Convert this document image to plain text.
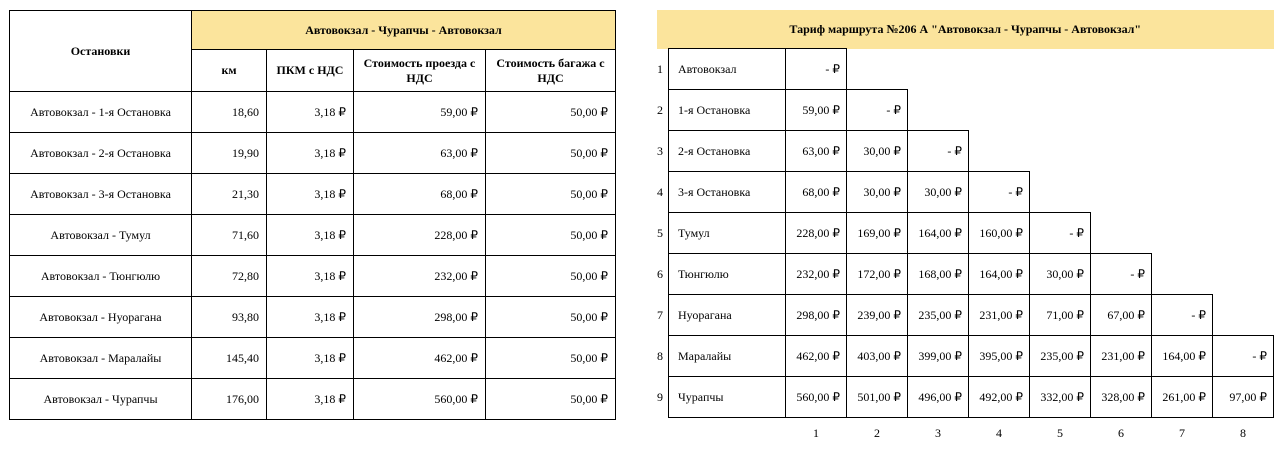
Остановки	Автовокзал - Чурапчы - Автовокзал			
	км	ПКМ с НДС	Стоимость проезда с НДС	Стоимость багажа с НДС
Автовокзал - 1-я Остановка	18,60	3,18 ₽	59,00 ₽	50,00 ₽
Автовокзал - 2-я Остановка	19,90	3,18 ₽	63,00 ₽	50,00 ₽
Автовокзал - 3-я Остановка	21,30	3,18 ₽	68,00 ₽	50,00 ₽
Автовокзал - Тумул	71,60	3,18 ₽	228,00 ₽	50,00 ₽
Автовокзал - Тюнгюлю	72,80	3,18 ₽	232,00 ₽	50,00 ₽
Автовокзал - Нуорагана	93,80	3,18 ₽	298,00 ₽	50,00 ₽
Автовокзал - Маралайы	145,40	3,18 ₽	462,00 ₽	50,00 ₽
Автовокзал - Чурапчы	176,00	3,18 ₽	560,00 ₽	50,00 ₽
Тариф маршрута №206 А "Автовокзал - Чурапчы - Автовокзал"									
1	Автовокзал	- ₽							
2	1-я Остановка	59,00 ₽	- ₽						
3	2-я Остановка	63,00 ₽	30,00 ₽	- ₽					
4	3-я Остановка	68,00 ₽	30,00 ₽	30,00 ₽	- ₽				
5	Тумул	228,00 ₽	169,00 ₽	164,00 ₽	160,00 ₽	- ₽			
6	Тюнгюлю	232,00 ₽	172,00 ₽	168,00 ₽	164,00 ₽	30,00 ₽	- ₽		
7	Нуорагана	298,00 ₽	239,00 ₽	235,00 ₽	231,00 ₽	71,00 ₽	67,00 ₽	- ₽	
8	Маралайы	462,00 ₽	403,00 ₽	399,00 ₽	395,00 ₽	235,00 ₽	231,00 ₽	164,00 ₽	- ₽
9	Чурапчы	560,00 ₽	501,00 ₽	496,00 ₽	492,00 ₽	332,00 ₽	328,00 ₽	261,00 ₽	97,00 ₽
		1	2	3	4	5	6	7	8
